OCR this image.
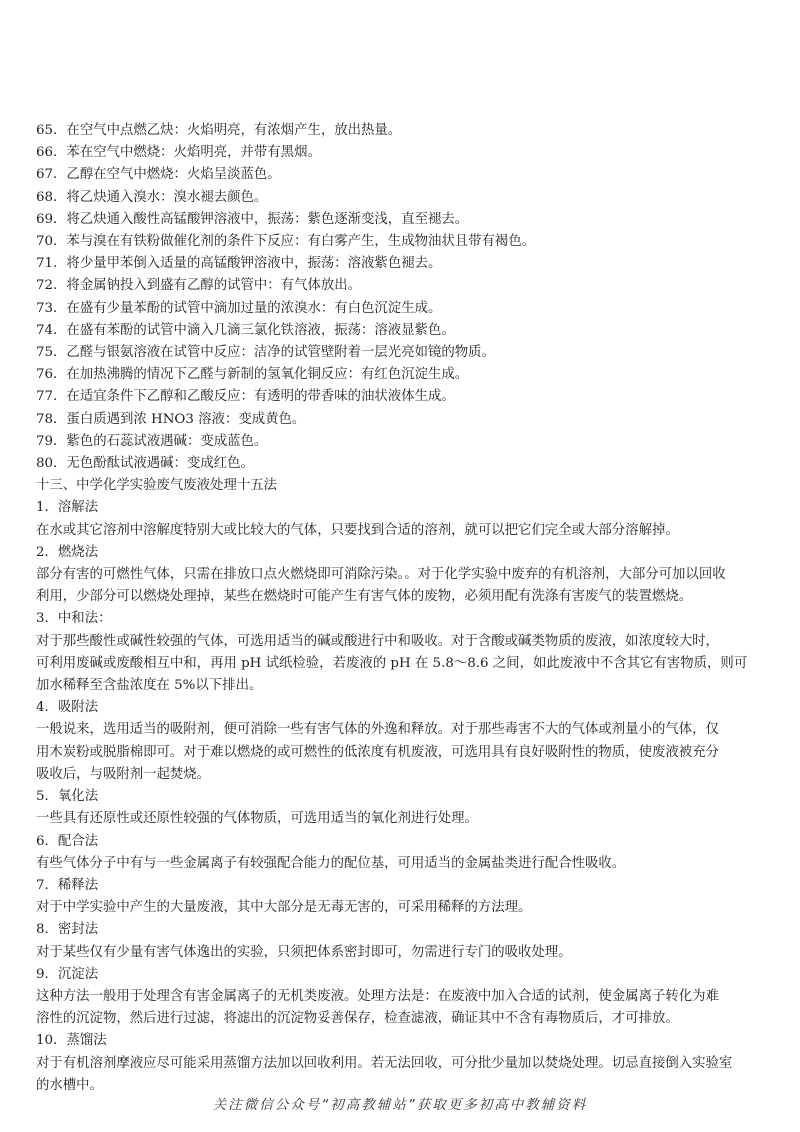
65．在空气中点燃乙炔：火焰明亮，有浓烟产生，放出热量。
66．苯在空气中燃烧：火焰明亮，并带有黑烟。
67．乙醇在空气中燃烧：火焰呈淡蓝色。
68．将乙炔通入溴水：溴水褪去颜色。
69．将乙炔通入酸性高锰酸钾溶液中，振荡：紫色逐渐变浅，直至褪去。
70．苯与溴在有铁粉做催化剂的条件下反应：有白雾产生，生成物油状且带有褐色。
71．将少量甲苯倒入适量的高锰酸钾溶液中，振荡：溶液紫色褪去。
72．将金属钠投入到盛有乙醇的试管中：有气体放出。
73．在盛有少量苯酚的试管中滴加过量的浓溴水：有白色沉淀生成。
74．在盛有苯酚的试管中滴入几滴三氯化铁溶液，振荡：溶液显紫色。
75．乙醛与银氨溶液在试管中反应：洁净的试管壁附着一层光亮如镜的物质。
76．在加热沸腾的情况下乙醛与新制的氢氧化铜反应：有红色沉淀生成。
77．在适宜条件下乙醇和乙酸反应：有透明的带香味的油状液体生成。
78．蛋白质遇到浓 HNO3 溶液：变成黄色。
79．紫色的石蕊试液遇碱：变成蓝色。
80．无色酚酞试液遇碱：变成红色。
十三、中学化学实验废气废液处理十五法
1．溶解法
在水或其它溶剂中溶解度特别大或比较大的气体，只要找到合适的溶剂，就可以把它们完全或大部分溶解掉。
2．燃烧法
部分有害的可燃性气体，只需在排放口点火燃烧即可消除污染。。对于化学实验中废弃的有机溶剂，大部分可加以回收
利用，少部分可以燃烧处理掉，某些在燃烧时可能产生有害气体的废物，必须用配有洗涤有害废气的装置燃烧。
3．中和法：
对于那些酸性或碱性较强的气体，可选用适当的碱或酸进行中和吸收。对于含酸或碱类物质的废液，如浓度较大时，
可利用废碱或废酸相互中和，再用 pH 试纸检验，若废液的 pH 在 5.8～8.6 之间，如此废液中不含其它有害物质，则可
加水稀释至含盐浓度在 5%以下排出。
4．吸附法
一般说来，选用适当的吸附剂，便可消除一些有害气体的外逸和释放。对于那些毒害不大的气体或剂量小的气体，仅
用木炭粉或脱脂棉即可。对于难以燃烧的或可燃性的低浓度有机废液，可选用具有良好吸附性的物质，使废液被充分
吸收后，与吸附剂一起焚烧。
5．氧化法
一些具有还原性或还原性较强的气体物质，可选用适当的氧化剂进行处理。
6．配合法
有些气体分子中有与一些金属离子有较强配合能力的配位基，可用适当的金属盐类进行配合性吸收。
7．稀释法
对于中学实验中产生的大量废液，其中大部分是无毒无害的，可采用稀释的方法理。
8．密封法
对于某些仅有少量有害气体逸出的实验，只须把体系密封即可，勿需进行专门的吸收处理。
9．沉淀法
这种方法一般用于处理含有害金属离子的无机类废液。处理方法是：在废液中加入合适的试剂，使金属离子转化为难
溶性的沉淀物，然后进行过滤，将滤出的沉淀物妥善保存，检查滤液，确证其中不含有毒物质后，才可排放。
10．蒸馏法
对于有机溶剂摩液应尽可能采用蒸馏方法加以回收利用。若无法回收，可分批少量加以焚烧处理。切忌直接倒入实验室
的水槽中。
关注微信公众号“初高教辅站”获取更多初高中教辅资料
